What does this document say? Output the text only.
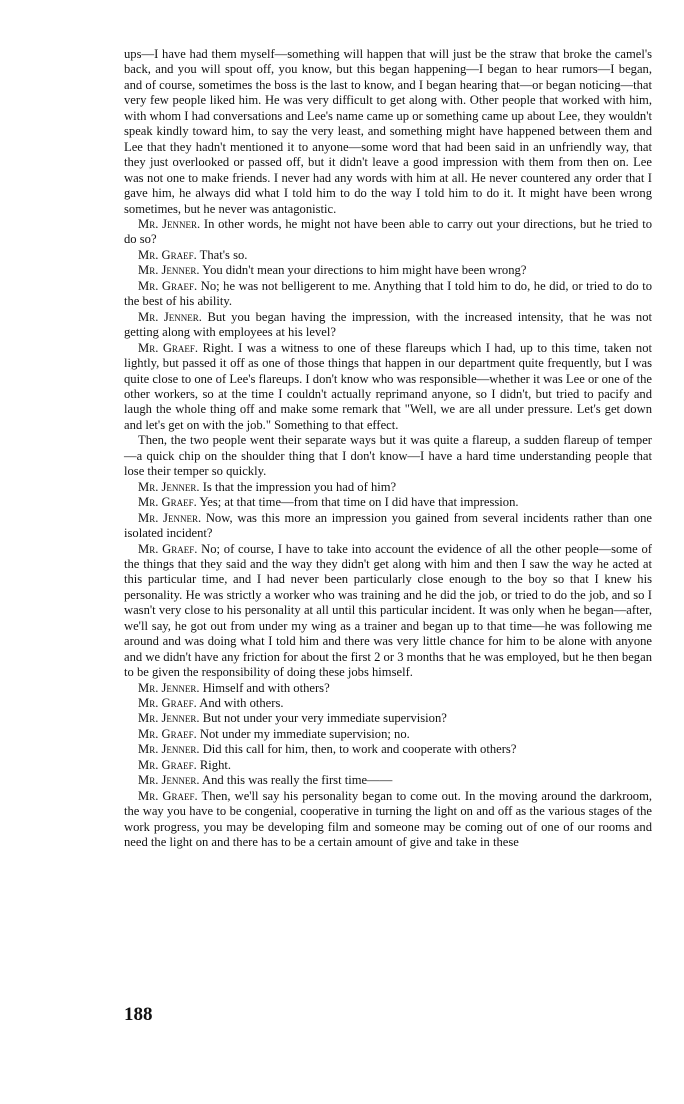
ups—I have had them myself—something will happen that will just be the straw that broke the camel's back, and you will spout off, you know, but this began happening—I began to hear rumors—I began, and of course, sometimes the boss is the last to know, and I began hearing that—or began noticing—that very few people liked him. He was very difficult to get along with. Other people that worked with him, with whom I had conversations and Lee's name came up or something came up about Lee, they wouldn't speak kindly toward him, to say the very least, and something might have happened between them and Lee that they hadn't mentioned it to anyone—some word that had been said in an unfriendly way, that they just overlooked or passed off, but it didn't leave a good impression with them from then on. Lee was not one to make friends. I never had any words with him at all. He never countered any order that I gave him, he always did what I told him to do the way I told him to do it. It might have been wrong sometimes, but he never was antagonistic.

Mr. Jenner. In other words, he might not have been able to carry out your directions, but he tried to do so?

Mr. Graef. That's so.

Mr. Jenner. You didn't mean your directions to him might have been wrong?

Mr. Graef. No; he was not belligerent to me. Anything that I told him to do, he did, or tried to do to the best of his ability.

Mr. Jenner. But you began having the impression, with the increased intensity, that he was not getting along with employees at his level?

Mr. Graef. Right. I was a witness to one of these flareups which I had, up to this time, taken not lightly, but passed it off as one of those things that happen in our department quite frequently, but I was quite close to one of Lee's flareups. I don't know who was responsible—whether it was Lee or one of the other workers, so at the time I couldn't actually reprimand anyone, so I didn't, but tried to pacify and laugh the whole thing off and make some remark that "Well, we are all under pressure. Let's get down and let's get on with the job." Something to that effect.

Then, the two people went their separate ways but it was quite a flareup, a sudden flareup of temper—a quick chip on the shoulder thing that I don't know—I have a hard time understanding people that lose their temper so quickly.

Mr. Jenner. Is that the impression you had of him?

Mr. Graef. Yes; at that time—from that time on I did have that impression.

Mr. Jenner. Now, was this more an impression you gained from several incidents rather than one isolated incident?

Mr. Graef. No; of course, I have to take into account the evidence of all the other people—some of the things that they said and the way they didn't get along with him and then I saw the way he acted at this particular time, and I had never been particularly close enough to the boy so that I knew his personality. He was strictly a worker who was training and he did the job, or tried to do the job, and so I wasn't very close to his personality at all until this particular incident. It was only when he began—after, we'll say, he got out from under my wing as a trainer and began up to that time—he was following me around and was doing what I told him and there was very little chance for him to be alone with anyone and we didn't have any friction for about the first 2 or 3 months that he was employed, but he then began to be given the responsibility of doing these jobs himself.

Mr. Jenner. Himself and with others?

Mr. Graef. And with others.

Mr. Jenner. But not under your very immediate supervision?

Mr. Graef. Not under my immediate supervision; no.

Mr. Jenner. Did this call for him, then, to work and cooperate with others?

Mr. Graef. Right.

Mr. Jenner. And this was really the first time——

Mr. Graef. Then, we'll say his personality began to come out. In the moving around the darkroom, the way you have to be congenial, cooperative in turning the light on and off as the various stages of the work progress, you may be developing film and someone may be coming out of one of our rooms and need the light on and there has to be a certain amount of give and take in these

188
